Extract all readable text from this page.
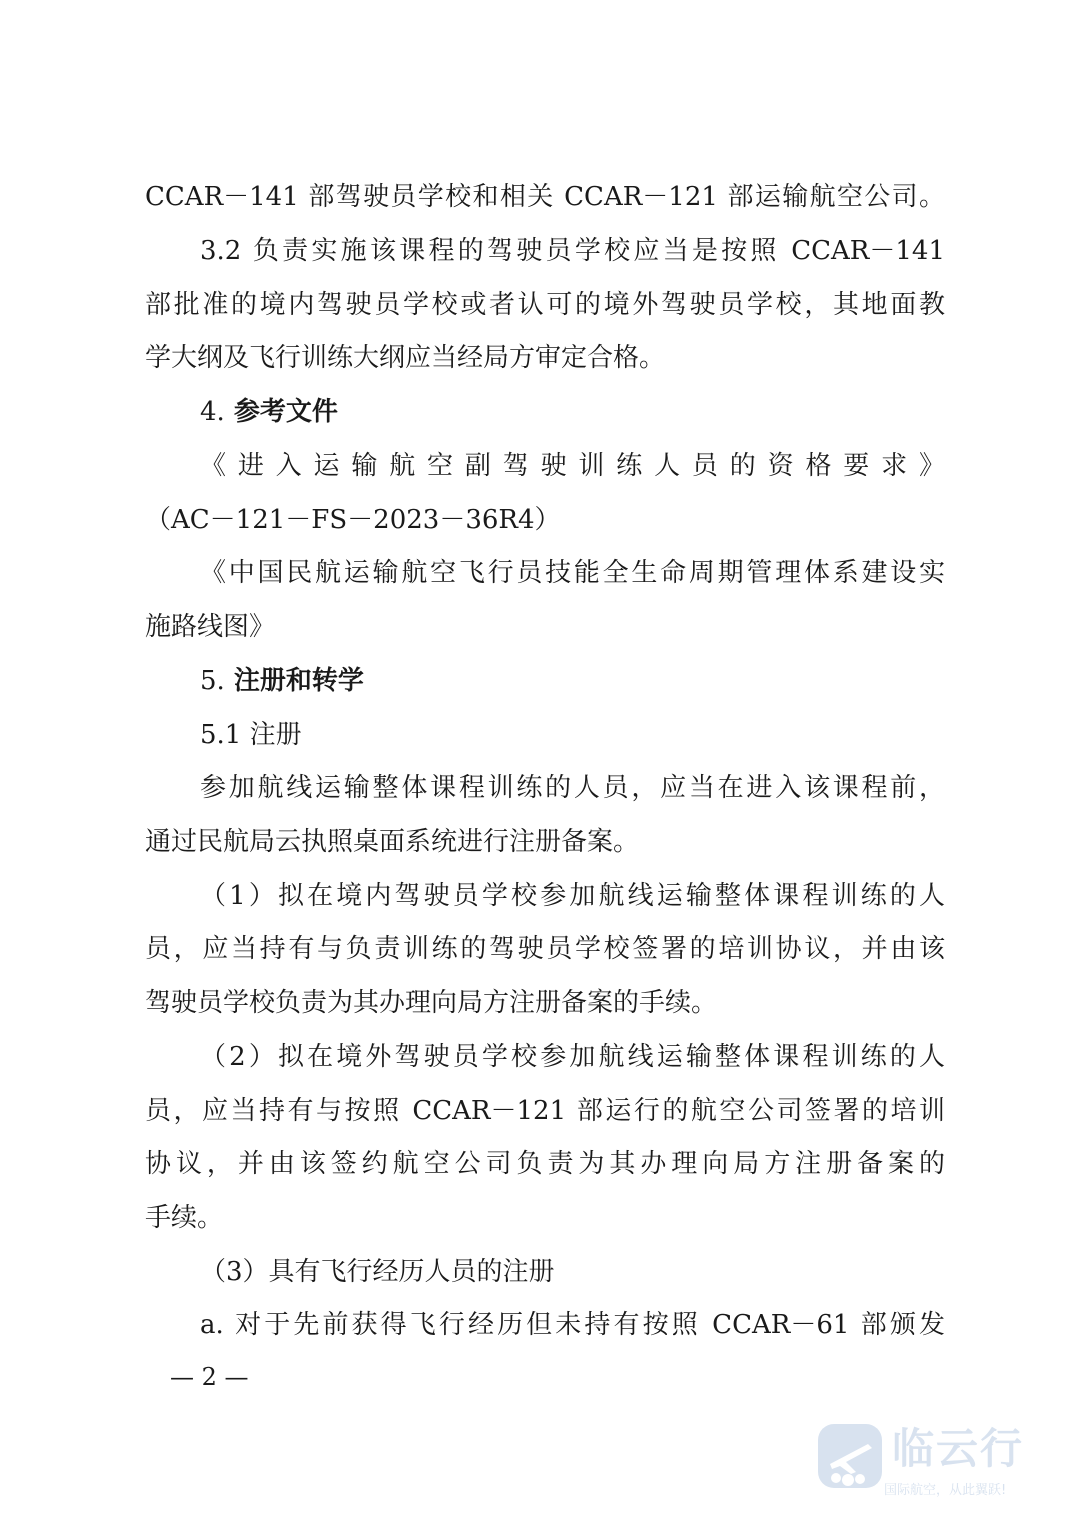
CCAR－141 部驾驶员学校和相关 CCAR－121 部运输航空公司。
3.2 负责实施该课程的驾驶员学校应当是按照 CCAR－141
部批准的境内驾驶员学校或者认可的境外驾驶员学校，其地面教
学大纲及飞行训练大纲应当经局方审定合格。
4. 参考文件
《进入运输航空副驾驶训练人员的资格要求》
（AC－121－FS－2023－36R4）
《中国民航运输航空飞行员技能全生命周期管理体系建设实
施路线图》
5. 注册和转学
5.1 注册
参加航线运输整体课程训练的人员，应当在进入该课程前，
通过民航局云执照桌面系统进行注册备案。
（1）拟在境内驾驶员学校参加航线运输整体课程训练的人
员，应当持有与负责训练的驾驶员学校签署的培训协议，并由该
驾驶员学校负责为其办理向局方注册备案的手续。
（2）拟在境外驾驶员学校参加航线运输整体课程训练的人
员，应当持有与按照 CCAR－121 部运行的航空公司签署的培训
协议，并由该签约航空公司负责为其办理向局方注册备案的
手续。
（3）具有飞行经历人员的注册
a. 对于先前获得飞行经历但未持有按照 CCAR－61 部颁发
— 2 —
临云行
国际航空，从此翼跃!
